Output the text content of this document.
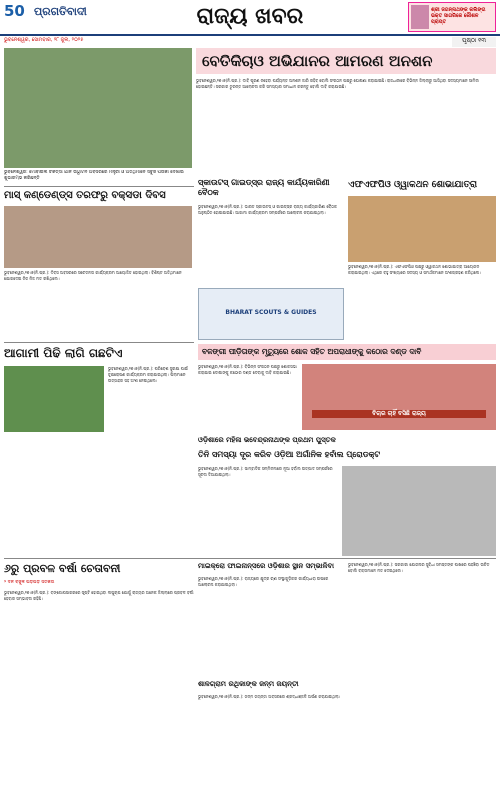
50 ପ୍ରଗତିବାଦୀ	ରାଜ୍ୟ ଖବର	ଶ୍ରୀ ଜଗନ୍ନାଥଙ୍କ କଲିଙ୍ଗ ଭକ୍ତ ସାଗରିକେ କୌଶଳ ପ୍ରାପ୍ତ
ଭୁବନେଶ୍ୱର, ସୋମବାର, ୨୮ ଜୁଲ, ୨୦୨୫	ପୃଷ୍ଠା ୧୩
ଭୁବନେଶ୍ୱର: ମୋବାଇଲ ଚିକିତ୍ସା ଯାନ ଉଦ୍ଘାଟନ ଅବସରରେ ମନ୍ତ୍ରୀ ଓ ଅତିଥିମାନେ ସବୁଜ ପତାକା ଦେଖାଇ ଶୁଭାରମ୍ଭ କରିଛନ୍ତି
ବେତିକିଚାଓ ଅଭିଯାନର ଆମରଣ ଅନଶନ

ଭୁବନେଶ୍ୱର,୨୭।୭(ନି.ପ୍ର.): ଦାବି ପୂରଣ ନହେବା ପର୍ଯ୍ୟନ୍ତ ଅନଶନ ଜାରି ରହିବ ବୋଲି ସଂଗଠନ ପକ୍ଷରୁ ଘୋଷଣା କରାଯାଇଛି। ରାଜଧାନୀରେ ବିଭିନ୍ନ ଜିଲ୍ଲାରୁ ଆସିଥିବା ସଦସ୍ୟମାନେ ସାମିଲ ହୋଇଛନ୍ତି। ସରକାର ତୁରନ୍ତ ଆଲୋଚନା କରି ସମସ୍ୟାର ସମାଧାନ କରନ୍ତୁ ବୋଲି ଦାବି କରାଯାଇଛି।

ମାସ୍ କଣ୍ଡେଣ୍ଡ୍‌ସ ତରଫରୁ ବକ୍ସଡା ଦିବସ

ଭୁବନେଶ୍ୱର,୨୭।୭(ନି.ପ୍ର.): ଦିବସ ଅବସରରେ ସଚେତନତା କାର୍ଯ୍ୟକ୍ରମ ଆୟୋଜିତ ହୋଇଥିଲା। ବିଶିଷ୍ଟ ଅତିଥିମାନେ ଯୋଗଦେଇ ନିଜ ନିଜ ମତ ରଖିଥିଲେ।

ସ୍କାଉଟସ୍ ଗାଇଡ୍‌ସ୍‌ର ରାଜ୍ୟ କାର୍ଯ୍ୟକାରିଣୀ ବୈଠକ

ଭୁବନେଶ୍ୱର,୨୭।୭(ନି.ପ୍ର.): ଭାରତ ସ୍କାଉଟସ୍ ଓ ଗାଇଡ୍‌ସ୍‌ର ରାଜ୍ୟ କାର୍ଯ୍ୟକାରିଣୀ ବୈଠକ ଅନୁଷ୍ଠିତ ହୋଇଯାଇଛି। ଆଗାମୀ କାର୍ଯ୍ୟକ୍ରମ ସମ୍ପର୍କରେ ଆଲୋଚନା କରାଯାଇଥିଲା।

BHARAT SCOUTS & GUIDES
ଏଫଏଫପିଓ ଓ୍ୱାକଥନ ଶୋଭାଯାତ୍ରା

ଭୁବନେଶ୍ୱର,୨୭।୭(ନି.ପ୍ର.): ଏଫଏଫପିଓ ପକ୍ଷରୁ ଓ୍ୱାକଥନ ଶୋଭାଯାତ୍ରା ଆୟୋଜନ କରାଯାଇଥିଲା। ଏଥିରେ ବହୁ ସଂଖ୍ୟାରେ ସଦସ୍ୟ ଓ ସମର୍ଥକମାନେ ଅଂଶଗ୍ରହଣ କରିଥିଲେ।

ଆଗାମୀ ପିଢି ଲାଗି ଗଛଟିଏ

ଭୁବନେଶ୍ୱର,୨୭।୭(ନି.ପ୍ର.): ପରିବେଶ ସୁରକ୍ଷା ପାଇଁ ବୃକ୍ଷରୋପଣ କାର୍ଯ୍ୟକ୍ରମ କରାଯାଇଥିଲା। ପିଲାମାନେ ଉତ୍ସାହର ସହ ଅଂଶ ନେଇଥିଲେ।

ବଳଙ୍ଗୀ ପୀଡ଼ିତାଙ୍କ ମୃତ୍ୟୁରେ ଶୋକ ସହିତ ଅପରାଧୀଙ୍କୁ କଠୋର ଦଣ୍ଡ ଦାବି

ଭୁବନେଶ୍ୱର,୨୭।୭(ନି.ପ୍ର.): ବିଭିନ୍ନ ସଂଗଠନ ପକ୍ଷରୁ ଶୋକସଭା କରାଯାଇ ଦୋଷୀଙ୍କୁ କଠୋର ଦଣ୍ଡ ଦେବାକୁ ଦାବି କରାଯାଇଛି।

ବିଚାର ଚାହିଁ ବସିଛି ରାଜ୍ୟ
ଓଡ଼ିଶାରେ ମହିଳା ଭବେନ୍ଦ୍ରନାଥଙ୍କ ପ୍ରଥମ ପୁସ୍ତକ
ତିନି ସମସ୍ୟା ଦୂର କରିବ ଓଡ଼ିଆ ଅର୍ଗାନିକ ହର୍ବାଲ ପ୍ରୋଡକ୍ଟ

ଭୁବନେଶ୍ୱର,୨୭।୭(ନି.ପ୍ର.): ସାମ୍ବାଦିକ ସମ୍ମିଳନୀରେ ନୂଆ ହର୍ବାଲ ଉତ୍ପାଦ ସମ୍ପର୍କରେ ସୂଚନା ଦିଆଯାଇଥିଲା।

୬ରୁ ପ୍ରବଳ ବର୍ଷା ଚେତାବନୀ
୨ ଦିନ ବିଜୁଳି ଘଡ଼ଘଡ଼ି ସତର୍କତା

ଭୁବନେଶ୍ୱର,୨୭।୭(ନି.ପ୍ର.): ବଙ୍ଗୋପସାଗରରେ ସୃଷ୍ଟି ହୋଇଥିବା ଲଘୁଚାପ ଯୋଗୁଁ ରାଜ୍ୟର ଅନେକ ଜିଲ୍ଲାରେ ପ୍ରବଳ ବର୍ଷା ହେବାର ସମ୍ଭାବନା ରହିଛି।

ମାଇକ୍ରୋ ଫାଇନାନ୍ସରେ ଓଡ଼ିଶାର ସ୍ଥାନ ସମ୍ଭାଳିବା

ଭୁବନେଶ୍ୱର,୨୭।୭(ନି.ପ୍ର.): ରାଜ୍ୟରେ କ୍ଷୁଦ୍ର ଋଣ ସଂସ୍ଥାଗୁଡ଼ିକର କାର୍ଯ୍ୟଧାରା ଉପରେ ଆଲୋଚନା କରାଯାଇଥିଲା।

ଶାଳଗ୍ରାମ ରଥିକାଙ୍କ ଜନ୍ମ ଜୟନ୍ତୀ

ଭୁବନେଶ୍ୱର,୨୭।୭(ନି.ପ୍ର.): ଜନ୍ମ ଜୟନ୍ତୀ ଅବସରରେ ଶ୍ରଦ୍ଧାଞ୍ଜଳି ଅର୍ପଣ କରାଯାଇଥିଲା।

ଭୁବନେଶ୍ୱର,୨୭।୭(ନି.ପ୍ର.): ସରକାରୀ ଯୋଜନାର ସୁବିଧା ସମସ୍ତଙ୍କ ପାଖରେ ପହଞ୍ଚିବା ଉଚିତ ବୋଲି ବକ୍ତାମାନେ ମତ ଦେଇଥିଲେ।
